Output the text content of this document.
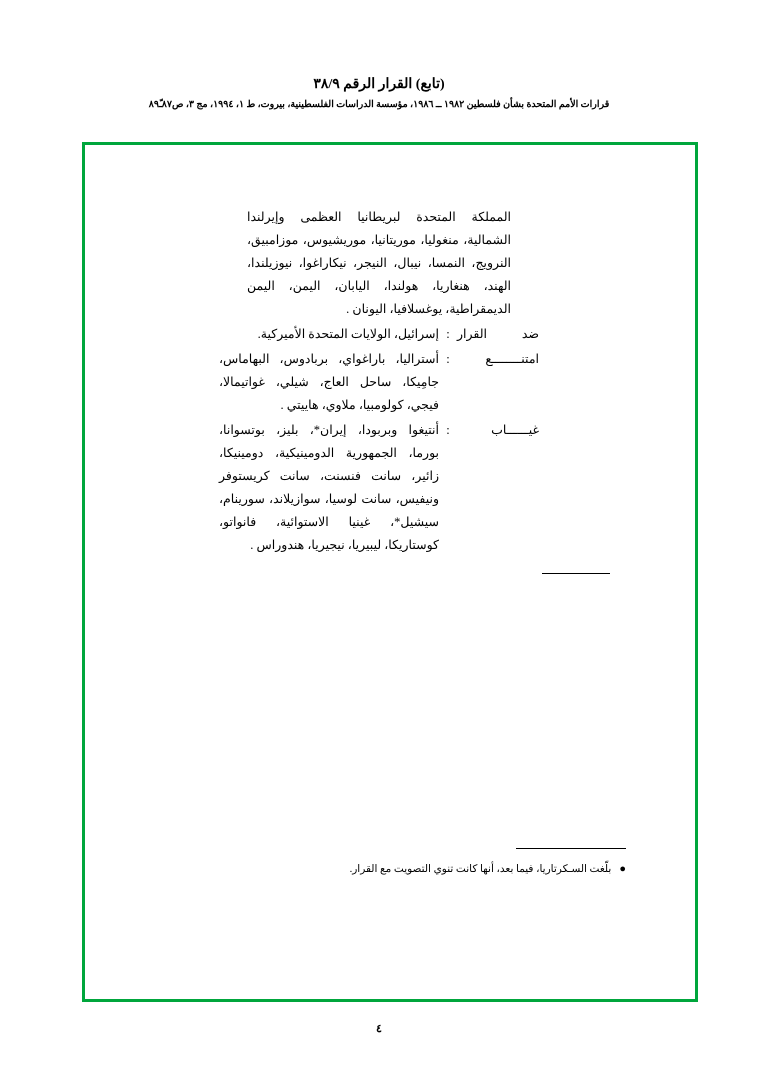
(تابع) القرار الرقم ٣٨/٩
قرارات الأمم المتحدة بشأن فلسطين ١٩٨٢ ــ ١٩٨٦، مؤسسة الدراسات الفلسطينية، بيروت، ط ١، ١٩٩٤، مج ٣، ص٨٧ـ٨٩ّ
المملكة المتحدة لبريطانيا العظمى وإيرلندا الشمالية، منغوليا، موريتانيا، موريشيوس، موزامبيق، النرويج، النمسا، نيبال، النيجر، نيكاراغوا، نيوزيلندا، الهند، هنغاريا، هولندا، اليابان، اليمن، اليمن الديمقراطية، يوغسلافيا، اليونان .
ضد القرار
:
إسرائيل، الولايات المتحدة الأميركية.
امتنــــــــع
:
أستراليا، باراغواي، بربادوس، البهاماس، جامِيكا، ساحل العاج، شيلي، غواتيمالا، فيجي، كولومبيا، ملاوي، هاييتي .
غيــــــاب
:
أنتيغوا وبربودا، إيران*، بليز، بوتسوانا، بورما، الجمهورية الدومينيكية، دومينيكا، زائير، سانت فنسنت، سانت كريستوفر ونيفيس، سانت لوسيا، سوازيلاند، سورينام، سيشيل*، غينيا الاستوائية، فانواتو، كوستاريكا، ليبيريا، نيجيريا، هندوراس .
●
بلّغت السـكرتاريا، فيما بعد، أنها كانت تنوي التصويت مع القرار.
٤
